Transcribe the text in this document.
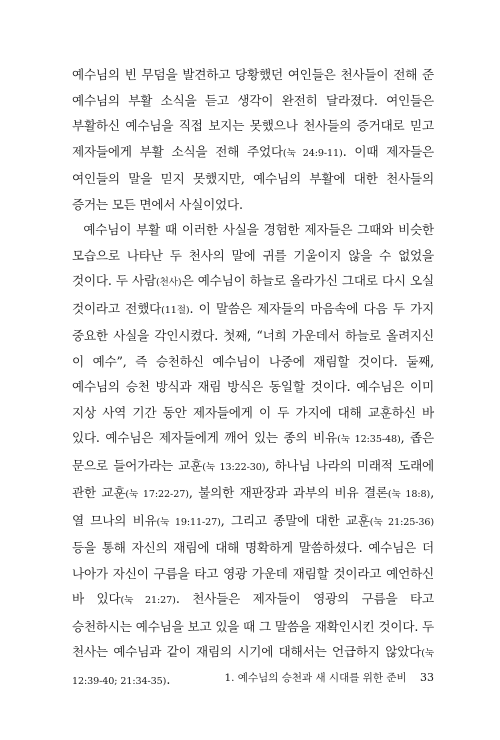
예수님의 빈 무덤을 발견하고 당황했던 여인들은 천사들이 전해 준 예수님의 부활 소식을 듣고 생각이 완전히 달라졌다. 여인들은 부활하신 예수님을 직접 보지는 못했으나 천사들의 증거대로 믿고 제자들에게 부활 소식을 전해 주었다(눅 24:9-11). 이때 제자들은 여인들의 말을 믿지 못했지만, 예수님의 부활에 대한 천사들의 증거는 모든 면에서 사실이었다.

예수님이 부활 때 이러한 사실을 경험한 제자들은 그때와 비슷한 모습으로 나타난 두 천사의 말에 귀를 기울이지 않을 수 없었을 것이다. 두 사람(천사)은 예수님이 하늘로 올라가신 그대로 다시 오실 것이라고 전했다(11절). 이 말씀은 제자들의 마음속에 다음 두 가지 중요한 사실을 각인시켰다. 첫째, “너희 가운데서 하늘로 올려지신 이 예수”, 즉 승천하신 예수님이 나중에 재림할 것이다. 둘째, 예수님의 승천 방식과 재림 방식은 동일할 것이다. 예수님은 이미 지상 사역 기간 동안 제자들에게 이 두 가지에 대해 교훈하신 바 있다. 예수님은 제자들에게 깨어 있는 종의 비유(눅 12:35-48), 좁은 문으로 들어가라는 교훈(눅 13:22-30), 하나님 나라의 미래적 도래에 관한 교훈(눅 17:22-27), 불의한 재판장과 과부의 비유 결론(눅 18:8), 열 므나의 비유(눅 19:11-27), 그리고 종말에 대한 교훈(눅 21:25-36) 등을 통해 자신의 재림에 대해 명확하게 말씀하셨다. 예수님은 더 나아가 자신이 구름을 타고 영광 가운데 재림할 것이라고 예언하신 바 있다(눅 21:27). 천사들은 제자들이 영광의 구름을 타고 승천하시는 예수님을 보고 있을 때 그 말씀을 재확인시킨 것이다. 두 천사는 예수님과 같이 재림의 시기에 대해서는 언급하지 않았다(눅 12:39-40; 21:34-35).	1. 예수님의 승천과 새 시대를 위한 준비 33
